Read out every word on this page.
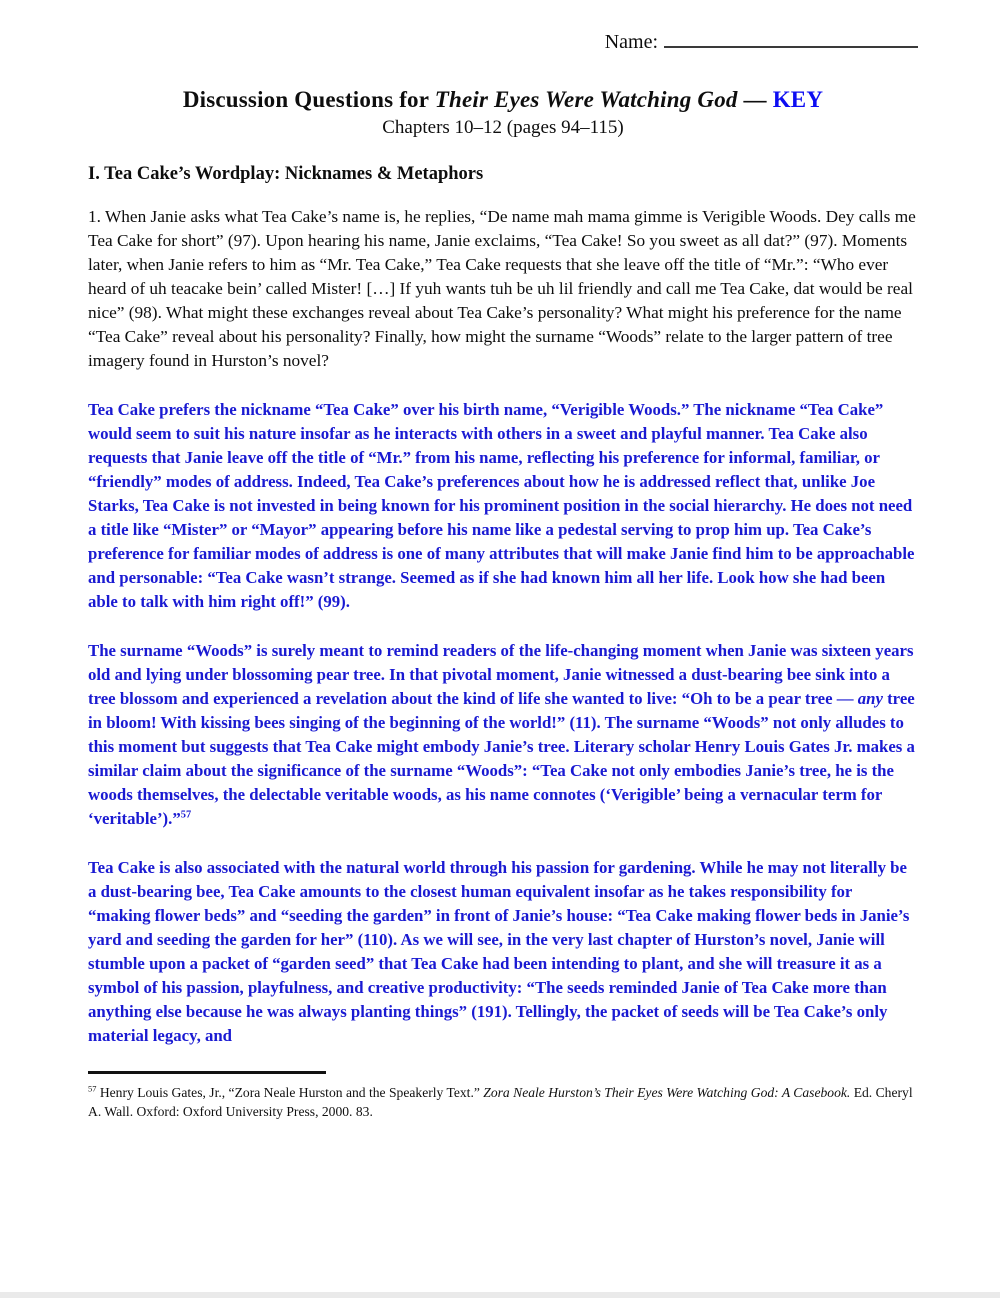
Name:
Discussion Questions for Their Eyes Were Watching God — KEY
Chapters 10–12 (pages 94–115)
I. Tea Cake’s Wordplay: Nicknames & Metaphors

1. When Janie asks what Tea Cake’s name is, he replies, “De name mah mama gimme is Verigible Woods. Dey calls me Tea Cake for short” (97). Upon hearing his name, Janie exclaims, “Tea Cake! So you sweet as all dat?” (97). Moments later, when Janie refers to him as “Mr. Tea Cake,” Tea Cake requests that she leave off the title of “Mr.”: “Who ever heard of uh teacake bein’ called Mister! […] If yuh wants tuh be uh lil friendly and call me Tea Cake, dat would be real nice” (98). What might these exchanges reveal about Tea Cake’s personality? What might his preference for the name “Tea Cake” reveal about his personality? Finally, how might the surname “Woods” relate to the larger pattern of tree imagery found in Hurston’s novel?

Tea Cake prefers the nickname “Tea Cake” over his birth name, “Verigible Woods.” The nickname “Tea Cake” would seem to suit his nature insofar as he interacts with others in a sweet and playful manner. Tea Cake also requests that Janie leave off the title of “Mr.” from his name, reflecting his preference for informal, familiar, or “friendly” modes of address. Indeed, Tea Cake’s preferences about how he is addressed reflect that, unlike Joe Starks, Tea Cake is not invested in being known for his prominent position in the social hierarchy. He does not need a title like “Mister” or “Mayor” appearing before his name like a pedestal serving to prop him up. Tea Cake’s preference for familiar modes of address is one of many attributes that will make Janie find him to be approachable and personable: “Tea Cake wasn’t strange. Seemed as if she had known him all her life. Look how she had been able to talk with him right off!” (99).

The surname “Woods” is surely meant to remind readers of the life-changing moment when Janie was sixteen years old and lying under blossoming pear tree. In that pivotal moment, Janie witnessed a dust-bearing bee sink into a tree blossom and experienced a revelation about the kind of life she wanted to live: “Oh to be a pear tree — any tree in bloom! With kissing bees singing of the beginning of the world!” (11). The surname “Woods” not only alludes to this moment but suggests that Tea Cake might embody Janie’s tree. Literary scholar Henry Louis Gates Jr. makes a similar claim about the significance of the surname “Woods”: “Tea Cake not only embodies Janie’s tree, he is the woods themselves, the delectable veritable woods, as his name connotes (‘Verigible’ being a vernacular term for ‘veritable’).”$^{57}$

Tea Cake is also associated with the natural world through his passion for gardening. While he may not literally be a dust-bearing bee, Tea Cake amounts to the closest human equivalent insofar as he takes responsibility for “making flower beds” and “seeding the garden” in front of Janie’s house: “Tea Cake making flower beds in Janie’s yard and seeding the garden for her” (110). As we will see, in the very last chapter of Hurston’s novel, Janie will stumble upon a packet of “garden seed” that Tea Cake had been intending to plant, and she will treasure it as a symbol of his passion, playfulness, and creative productivity: “The seeds reminded Janie of Tea Cake more than anything else because he was always planting things” (191). Tellingly, the packet of seeds will be Tea Cake’s only material legacy, and

$^{57}$ Henry Louis Gates, Jr., “Zora Neale Hurston and the Speakerly Text.” Zora Neale Hurston’s Their Eyes Were Watching God: A Casebook. Ed. Cheryl A. Wall. Oxford: Oxford University Press, 2000. 83.
